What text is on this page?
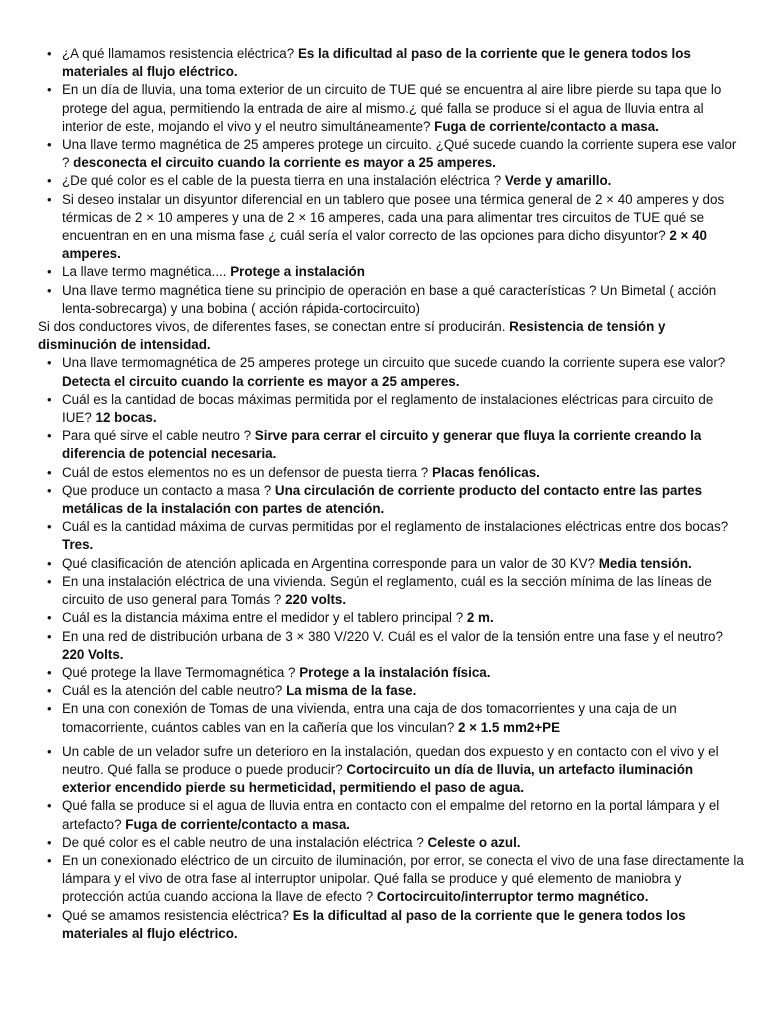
• ¿A qué llamamos resistencia eléctrica? Es la dificultad al paso de la corriente que le genera todos los materiales al flujo eléctrico.
• En un día de lluvia, una toma exterior de un circuito de TUE qué se encuentra al aire libre pierde su tapa que lo protege del agua, permitiendo la entrada de aire al mismo.¿ qué falla se produce si el agua de lluvia entra al interior de este, mojando el vivo y el neutro simultáneamente? Fuga de corriente/contacto a masa.
• Una llave termo magnética de 25 amperes protege un circuito. ¿Qué sucede cuando la corriente supera ese valor ? desconecta el circuito cuando la corriente es mayor a 25 amperes.
• ¿De qué color es el cable de la puesta tierra en una instalación eléctrica ? Verde y amarillo.
• Si deseo instalar un disyuntor diferencial en un tablero que posee una térmica general de 2 × 40 amperes y dos térmicas de 2 × 10 amperes y una de 2 × 16 amperes, cada una para alimentar tres circuitos de TUE qué se encuentran en en una misma fase ¿ cuál sería el valor correcto de las opciones para dicho disyuntor? 2 × 40 amperes.
• La llave termo magnética.... Protege a instalación
• Una llave termo magnética tiene su principio de operación en base a qué características ? Un Bimetal ( acción lenta-sobrecarga) y una bobina ( acción rápida-cortocircuito)

Si dos conductores vivos, de diferentes fases, se conectan entre sí producirán. Resistencia de tensión y disminución de intensidad.

• Una llave termomagnética de 25 amperes protege un circuito que sucede cuando la corriente supera ese valor? Detecta el circuito cuando la corriente es mayor a 25 amperes.
• Cuál es la cantidad de bocas máximas permitida por el reglamento de instalaciones eléctricas para circuito de IUE? 12 bocas.
• Para qué sirve el cable neutro ? Sirve para cerrar el circuito y generar que fluya la corriente creando la diferencia de potencial necesaria.
• Cuál de estos elementos no es un defensor de puesta tierra ? Placas fenólicas.
• Que produce un contacto a masa ? Una circulación de corriente producto del contacto entre las partes metálicas de la instalación con partes de atención.
• Cuál es la cantidad máxima de curvas permitidas por el reglamento de instalaciones eléctricas entre dos bocas? Tres.
• Qué clasificación de atención aplicada en Argentina corresponde para un valor de 30 KV? Media tensión.
• En una instalación eléctrica de una vivienda. Según el reglamento, cuál es la sección mínima de las líneas de circuito de uso general para Tomás ? 220 volts.
• Cuál es la distancia máxima entre el medidor y el tablero principal ? 2 m.
• En una red de distribución urbana de 3 × 380 V/220 V. Cuál es el valor de la tensión entre una fase y el neutro? 220 Volts.
• Qué protege la llave Termomagnética ? Protege a la instalación física.
• Cuál es la atención del cable neutro? La misma de la fase.
• En una con conexión de Tomas de una vivienda, entra una caja de dos tomacorrientes y una caja de un tomacorriente, cuántos cables van en la cañería que los vinculan? 2 × 1.5 mm2+PE
• Un cable de un velador sufre un deterioro en la instalación, quedan dos expuesto y en contacto con el vivo y el neutro. Qué falla se produce o puede producir? Cortocircuito un día de lluvia, un artefacto iluminación exterior encendido pierde su hermeticidad, permitiendo el paso de agua.
• Qué falla se produce si el agua de lluvia entra en contacto con el empalme del retorno en la portal lámpara y el artefacto? Fuga de corriente/contacto a masa.
• De qué color es el cable neutro de una instalación eléctrica ? Celeste o azul.
• En un conexionado eléctrico de un circuito de iluminación, por error, se conecta el vivo de una fase directamente la lámpara y el vivo de otra fase al interruptor unipolar. Qué falla se produce y qué elemento de maniobra y protección actúa cuando acciona la llave de efecto ? Cortocircuito/interruptor termo magnético.
• Qué se amamos resistencia eléctrica? Es la dificultad al paso de la corriente que le genera todos los materiales al flujo eléctrico.
